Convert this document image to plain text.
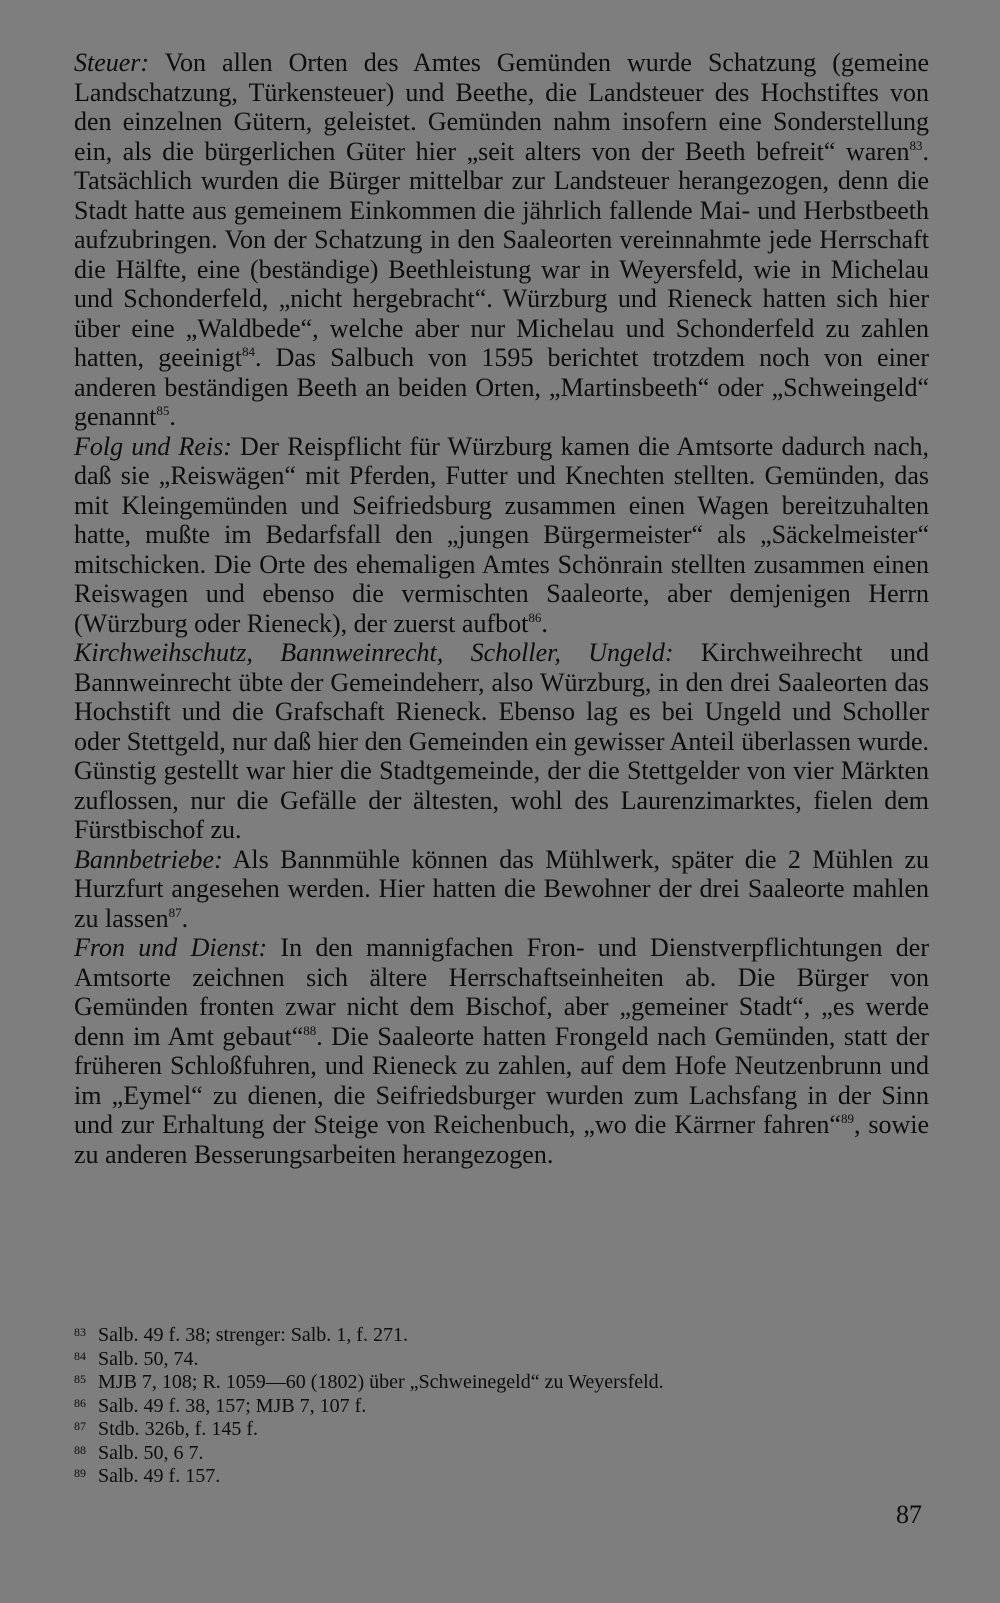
Steuer: Von allen Orten des Amtes Gemünden wurde Schatzung (gemeine Landschatzung, Türkensteuer) und Beethe, die Landsteuer des Hochstiftes von den einzelnen Gütern, geleistet. Gemünden nahm insofern eine Sonderstellung ein, als die bürgerlichen Güter hier „seit alters von der Beeth befreit“ waren$^{83}$. Tatsächlich wurden die Bürger mittelbar zur Landsteuer herangezogen, denn die Stadt hatte aus gemeinem Einkommen die jährlich fallende Mai- und Herbstbeeth aufzubringen. Von der Schatzung in den Saaleorten vereinnahmte jede Herrschaft die Hälfte, eine (beständige) Beethleistung war in Weyersfeld, wie in Michelau und Schonderfeld, „nicht hergebracht“. Würzburg und Rieneck hatten sich hier über eine „Waldbede“, welche aber nur Michelau und Schonderfeld zu zahlen hatten, geeinigt$^{84}$. Das Salbuch von 1595 berichtet trotzdem noch von einer anderen beständigen Beeth an beiden Orten, „Martinsbeeth“ oder „Schweingeld“ genannt$^{85}$.

Folg und Reis: Der Reispflicht für Würzburg kamen die Amtsorte dadurch nach, daß sie „Reiswägen“ mit Pferden, Futter und Knechten stellten. Gemünden, das mit Kleingemünden und Seifriedsburg zusammen einen Wagen bereitzuhalten hatte, mußte im Bedarfsfall den „jungen Bürgermeister“ als „Säckelmeister“ mitschicken. Die Orte des ehemaligen Amtes Schönrain stellten zusammen einen Reiswagen und ebenso die vermischten Saaleorte, aber demjenigen Herrn (Würzburg oder Rieneck), der zuerst aufbot$^{86}$.

Kirchweihschutz, Bannweinrecht, Scholler, Ungeld: Kirchweihrecht und Bannweinrecht übte der Gemeindeherr, also Würzburg, in den drei Saaleorten das Hochstift und die Grafschaft Rieneck. Ebenso lag es bei Ungeld und Scholler oder Stettgeld, nur daß hier den Gemeinden ein gewisser Anteil überlassen wurde. Günstig gestellt war hier die Stadtgemeinde, der die Stettgelder von vier Märkten zuflossen, nur die Gefälle der ältesten, wohl des Laurenzimarktes, fielen dem Fürstbischof zu.

Bannbetriebe: Als Bannmühle können das Mühlwerk, später die 2 Mühlen zu Hurzfurt angesehen werden. Hier hatten die Bewohner der drei Saaleorte mahlen zu lassen$^{87}$.

Fron und Dienst: In den mannigfachen Fron- und Dienstverpflichtungen der Amtsorte zeichnen sich ältere Herrschaftseinheiten ab. Die Bürger von Gemünden fronten zwar nicht dem Bischof, aber „gemeiner Stadt“, „es werde denn im Amt gebaut“$^{88}$. Die Saaleorte hatten Frongeld nach Gemünden, statt der früheren Schloßfuhren, und Rieneck zu zahlen, auf dem Hofe Neutzenbrunn und im „Eymel“ zu dienen, die Seifriedsburger wurden zum Lachsfang in der Sinn und zur Erhaltung der Steige von Reichenbuch, „wo die Kärrner fahren“$^{89}$, sowie zu anderen Besserungsarbeiten herangezogen.

83 Salb. 49 f. 38; strenger: Salb. 1, f. 271.
84 Salb. 50, 74.
85 MJB 7, 108; R. 1059—60 (1802) über „Schweinegeld“ zu Weyersfeld.
86 Salb. 49 f. 38, 157; MJB 7, 107 f.
87 Stdb. 326b, f. 145 f.
88 Salb. 50, 6 7.
89 Salb. 49 f. 157.
87
